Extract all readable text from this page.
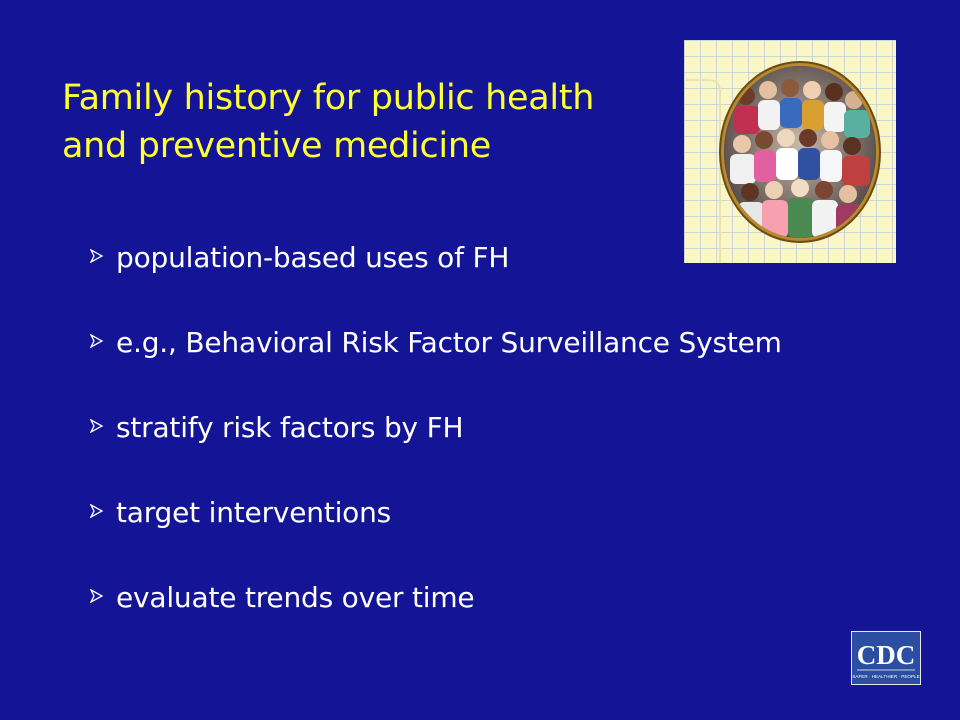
Family history for public health
and preventive medicine
population-based uses of FH
e.g., Behavioral Risk Factor Surveillance System
stratify risk factors by FH
target interventions
evaluate trends over time
CDC
SAFER · HEALTHIER · PEOPLE
